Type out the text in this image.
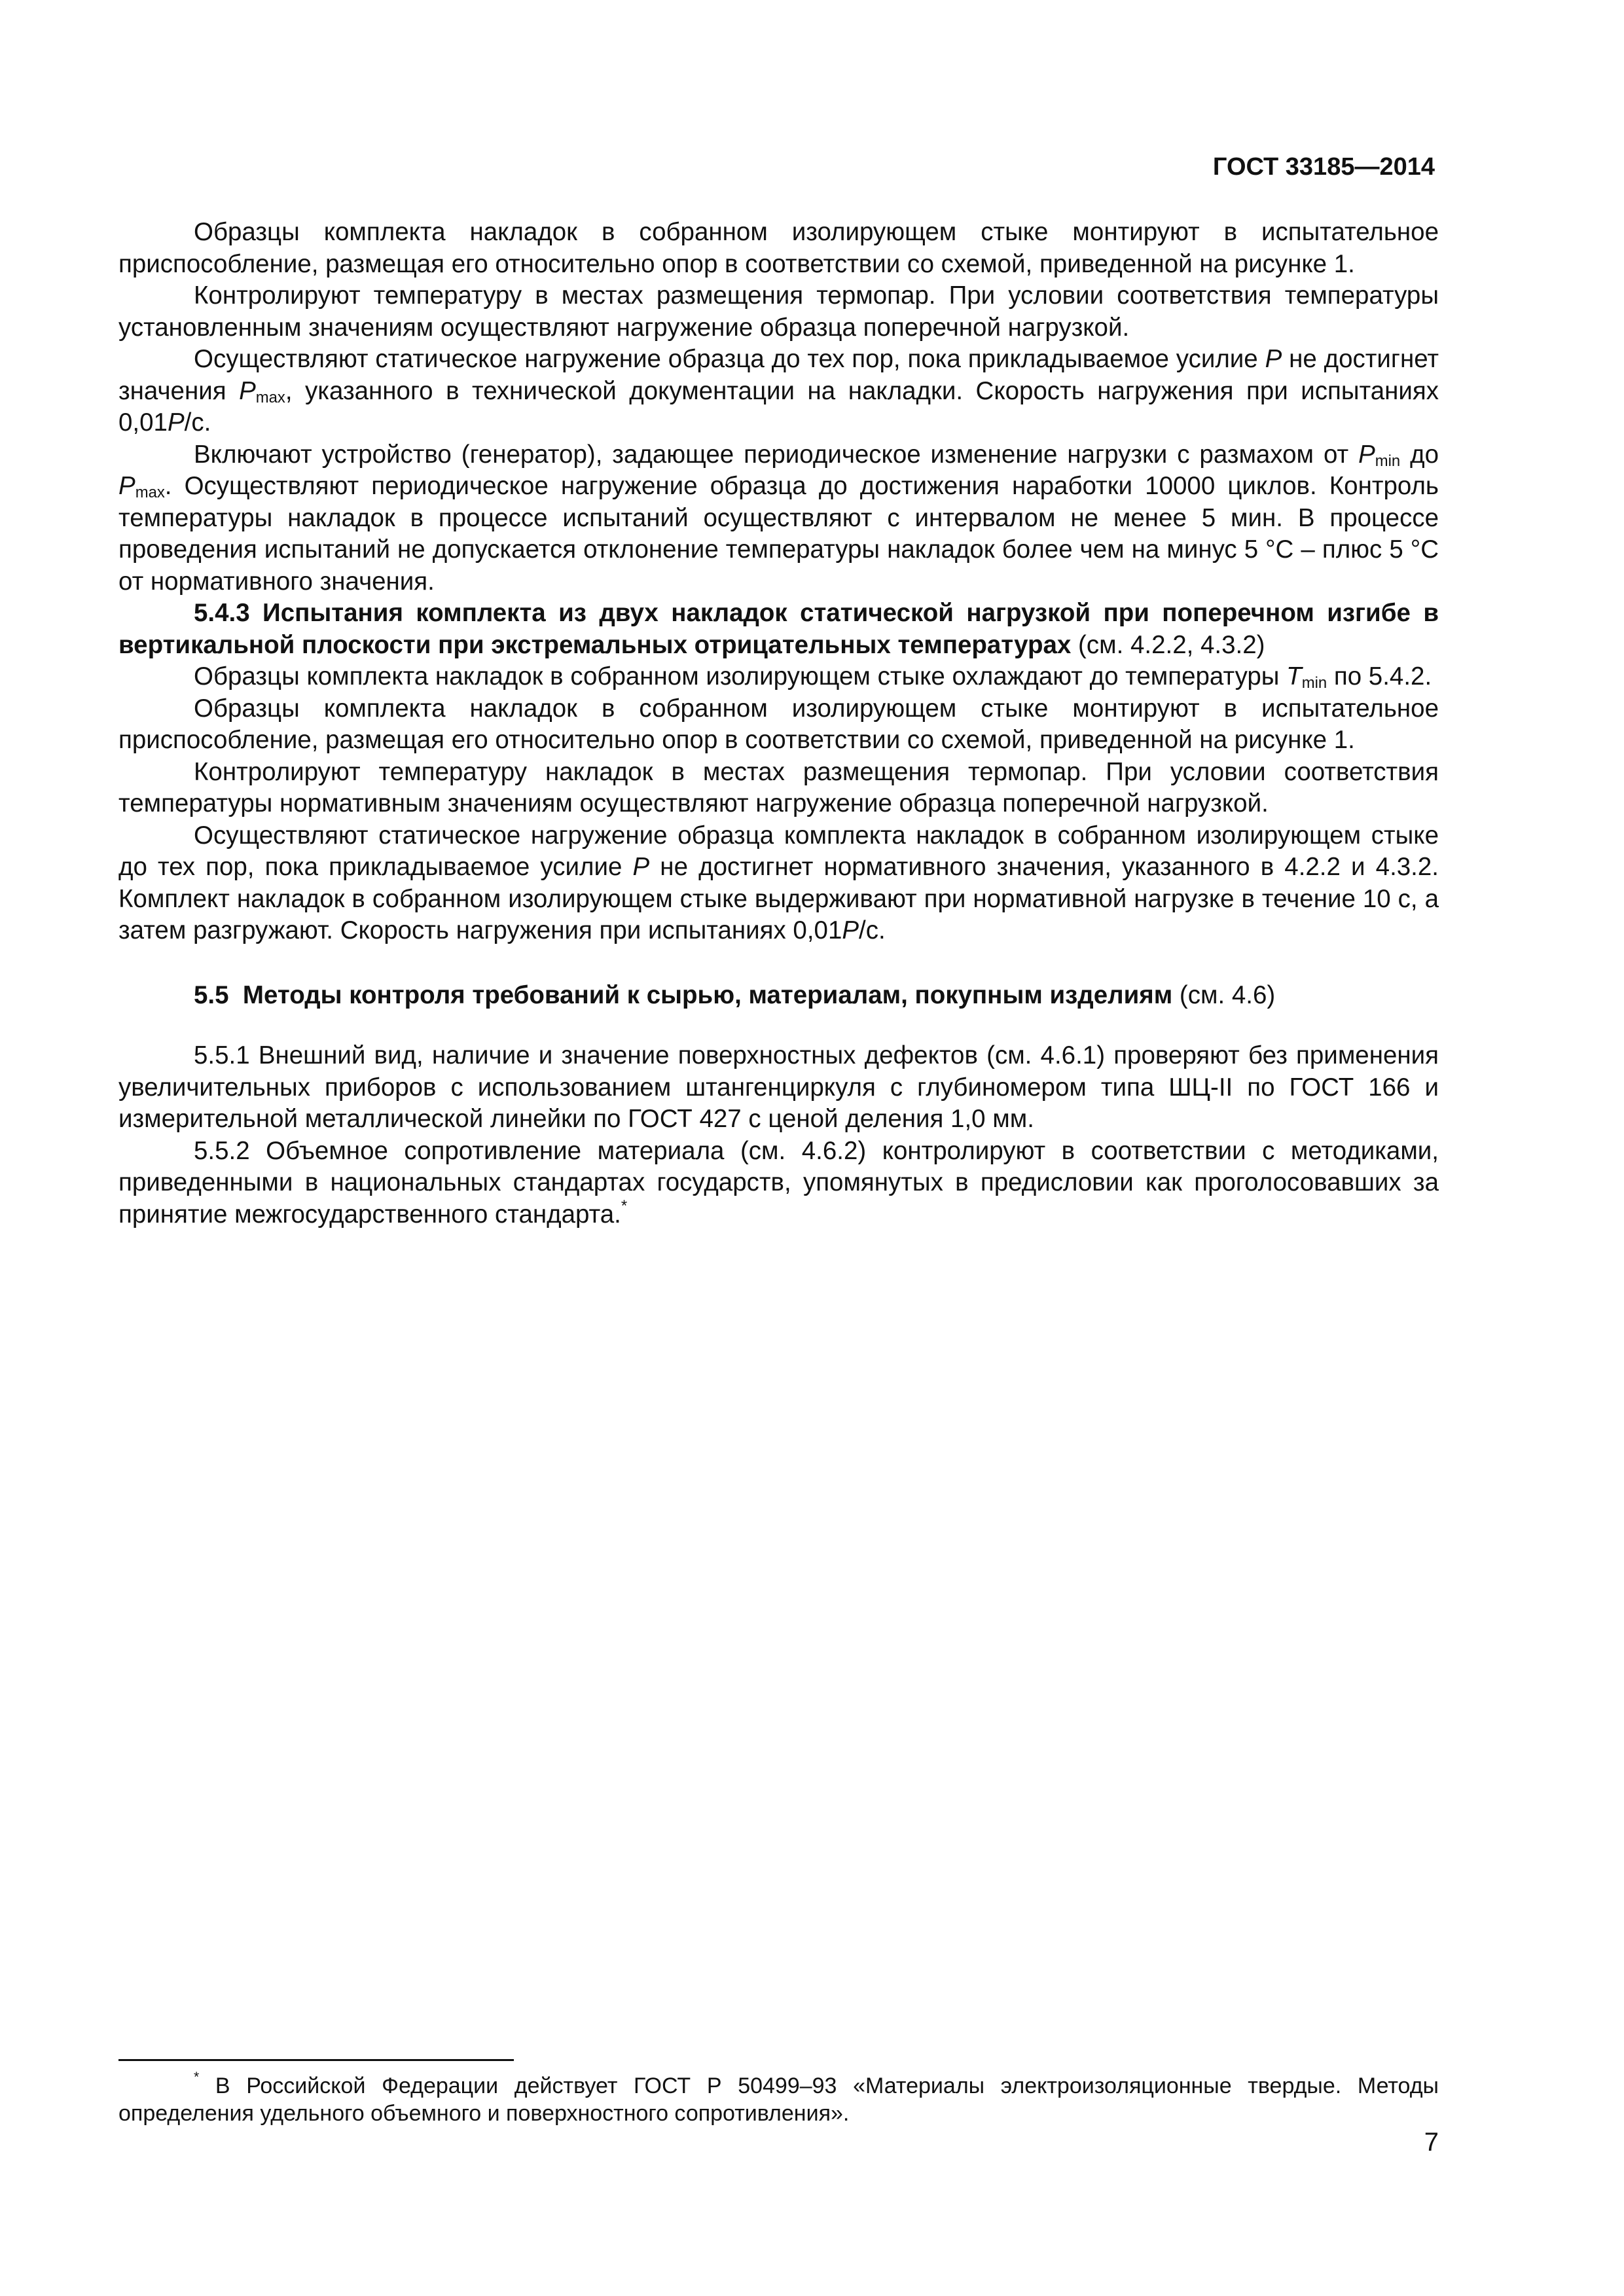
ГОСТ 33185—2014

Образцы комплекта накладок в собранном изолирующем стыке монтируют в испытательное приспособление, размещая его относительно опор в соответствии со схемой, приведенной на рисунке 1.

Контролируют температуру в местах размещения термопар. При условии соответствия температуры установленным значениям осуществляют нагружение образца поперечной нагрузкой.

Осуществляют статическое нагружение образца до тех пор, пока прикладываемое усилие P не достигнет значения $P_{max}$, указанного в технической документации на накладки. Скорость нагружения при испытаниях 0,01P/с.

Включают устройство (генератор), задающее периодическое изменение нагрузки с размахом от $P_{min}$ до $P_{max}$. Осуществляют периодическое нагружение образца до достижения наработки 10000 циклов. Контроль температуры накладок в процессе испытаний осуществляют с интервалом не менее 5 мин. В процессе проведения испытаний не допускается отклонение температуры накладок более чем на минус 5 °С – плюс 5 °С от нормативного значения.

5.4.3 Испытания комплекта из двух накладок статической нагрузкой при поперечном изгибе в вертикальной плоскости при экстремальных отрицательных температурах (см. 4.2.2, 4.3.2)

Образцы комплекта накладок в собранном изолирующем стыке охлаждают до температуры $T_{min}$ по 5.4.2.

Образцы комплекта накладок в собранном изолирующем стыке монтируют в испытательное приспособление, размещая его относительно опор в соответствии со схемой, приведенной на рисунке 1.

Контролируют температуру накладок в местах размещения термопар. При условии соответствия температуры нормативным значениям осуществляют нагружение образца поперечной нагрузкой.

Осуществляют статическое нагружение образца комплекта накладок в собранном изолирующем стыке до тех пор, пока прикладываемое усилие P не достигнет нормативного значения, указанного в 4.2.2 и 4.3.2. Комплект накладок в собранном изолирующем стыке выдерживают при нормативной нагрузке в течение 10 с, а затем разгружают. Скорость нагружения при испытаниях 0,01P/с.

5.5  Методы контроля требований к сырью, материалам, покупным изделиям (см. 4.6)

5.5.1 Внешний вид, наличие и значение поверхностных дефектов (см. 4.6.1) проверяют без применения увеличительных приборов с использованием штангенциркуля с глубиномером типа ШЦ-II по ГОСТ 166 и измерительной металлической линейки по ГОСТ 427 с ценой деления 1,0 мм.

5.5.2 Объемное сопротивление материала (см. 4.6.2) контролируют в соответствии с методиками, приведенными в национальных стандартах государств, упомянутых в предисловии как проголосовавших за принятие межгосударственного стандарта.*

* В Российской Федерации действует ГОСТ Р 50499–93 «Материалы электроизоляционные твердые. Методы определения удельного объемного и поверхностного сопротивления».
7
